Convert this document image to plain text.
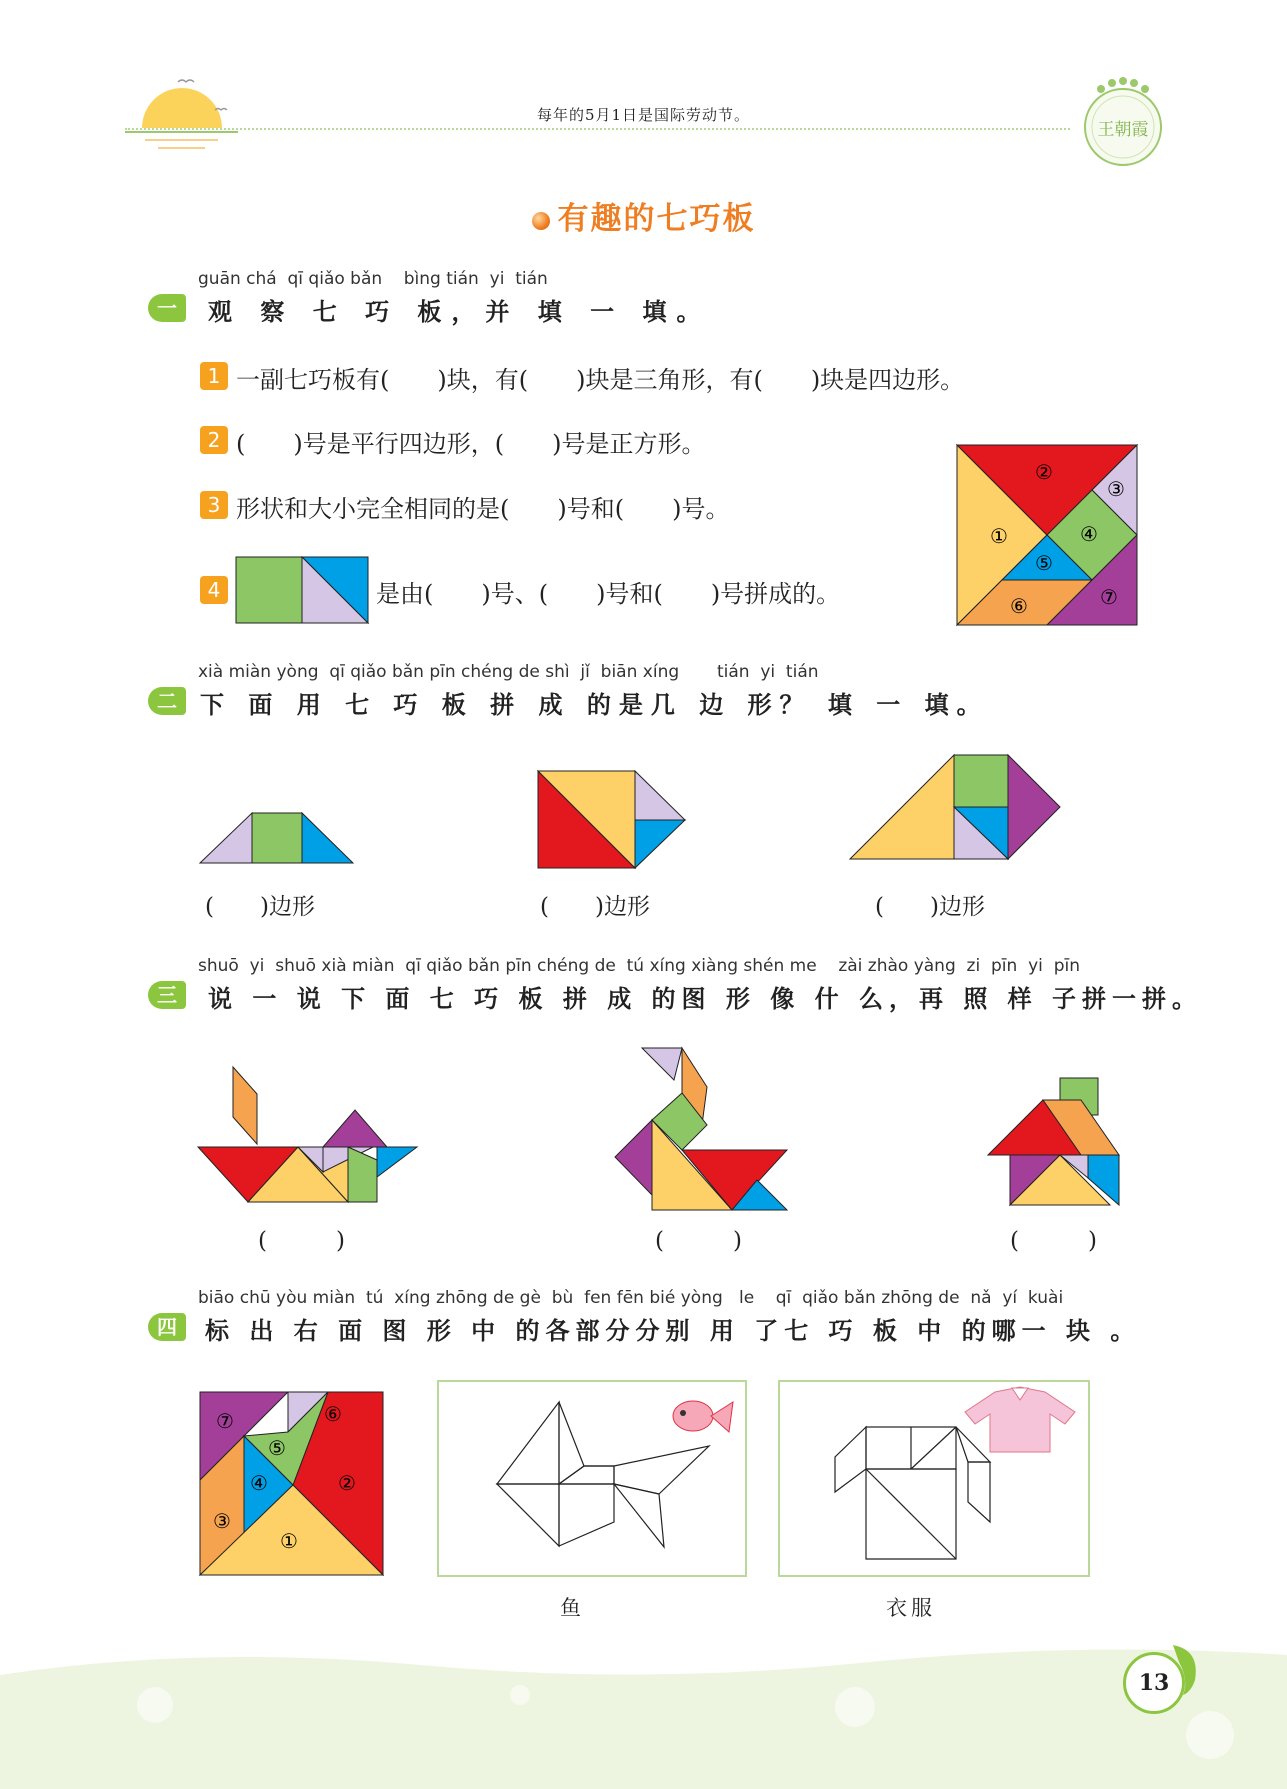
每年的5月1日是国际劳动节。
王朝霞
有趣的七巧板
guān chá  qī qiǎo bǎn    bìng tián  yi  tián
一	观 察 七 巧 板，并 填 一 填。
1 一副七巧板有(　　)块，有(　　)块是三角形，有(　　)块是四边形。
2 (　　)号是平行四边形，(　　)号是正方形。
3 形状和大小完全相同的是(　　)号和(　　)号。
4	是由(　　)号、(　　)号和(　　)号拼成的。
①
②
③
④
⑤
⑥	⑦
xià miàn yòng  qī qiǎo bǎn pīn chéng de shì  jǐ  biān xíng       tián  yi  tián
二 下 面 用 七 巧 板 拼 成 的是几 边 形？ 填 一 填。
(　　)边形	(　　)边形	(　　)边形
shuō  yi  shuō xià miàn  qī qiǎo bǎn pīn chéng de  tú xíng xiàng shén me    zài zhào yàng  zi  pīn  yi  pīn
三	说 一 说 下 面 七 巧 板 拼 成 的图 形 像 什 么，再 照 样 子拼一拼。
(　　　)	(　　　)	(　　　)
biāo chū yòu miàn  tú  xíng zhōng de gè  bù  fen fēn bié yòng   le    qī  qiǎo bǎn zhōng de  nǎ  yí  kuài
四	标 出 右 面 图 形 中 的各部分分别 用 了七 巧 板 中 的哪一 块 。
⑦	⑥
⑤
④	②
③
①
鱼	衣服
13
